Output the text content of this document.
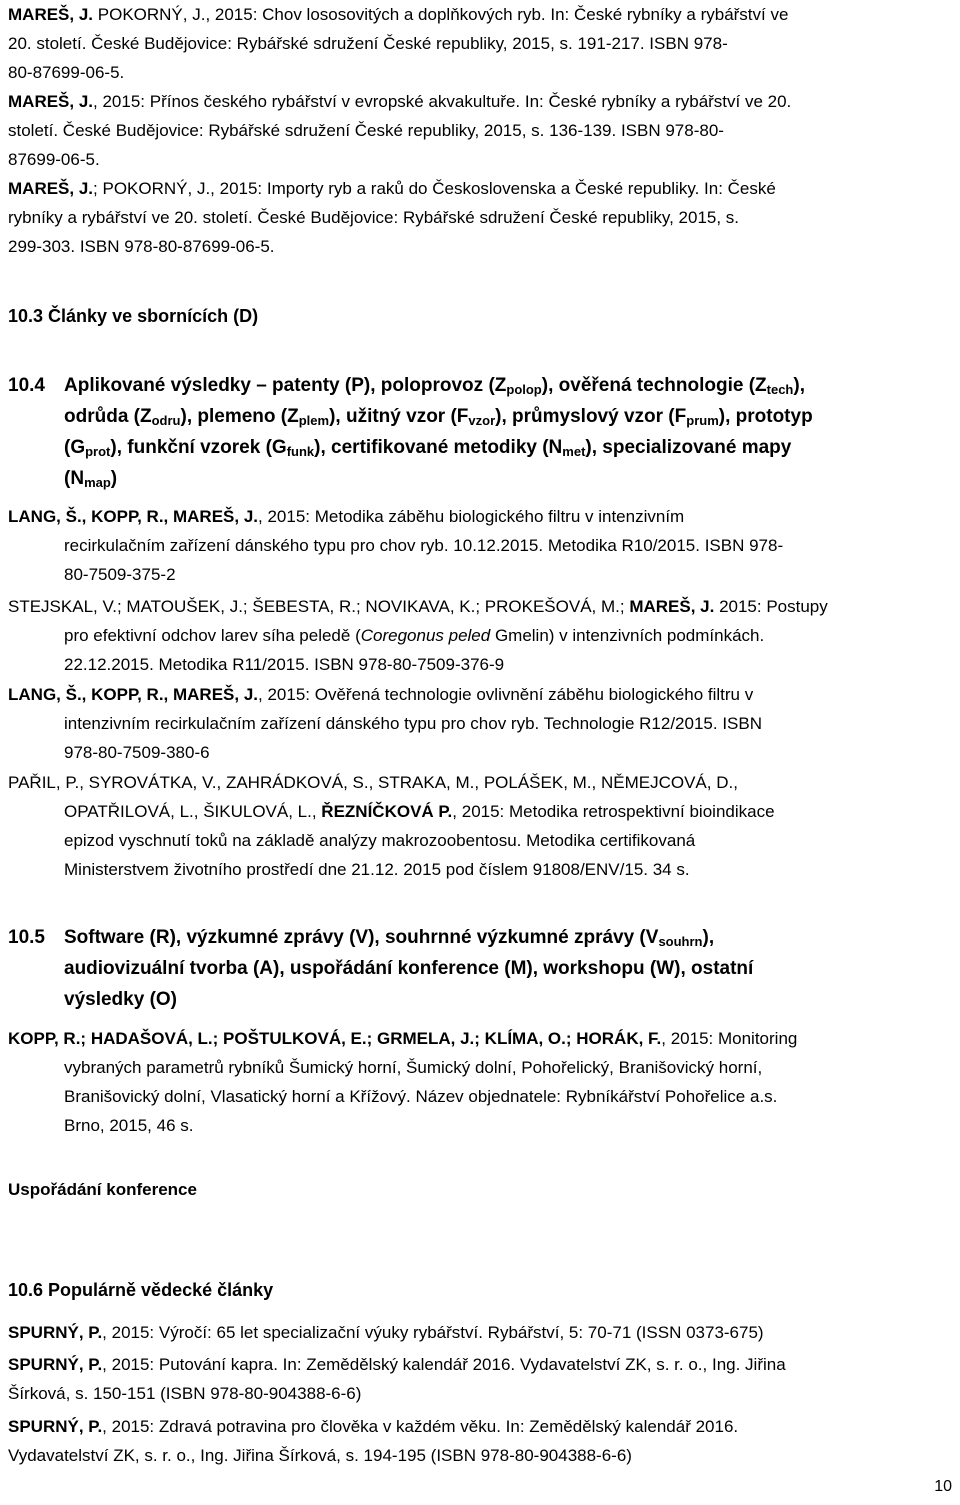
MAREŠ, J. POKORNÝ, J., 2015: Chov lososovitých a doplňkových ryb. In: České rybníky a rybářství ve
20. století. České Budějovice: Rybářské sdružení České republiky, 2015, s. 191-217. ISBN 978-
80-87699-06-5.
MAREŠ, J., 2015: Přínos českého rybářství v evropské akvakultuře. In: České rybníky a rybářství ve 20.
století. České Budějovice: Rybářské sdružení České republiky, 2015, s. 136-139. ISBN 978-80-
87699-06-5.
MAREŠ, J.; POKORNÝ, J., 2015: Importy ryb a raků do Československa a České republiky. In: České
rybníky a rybářství ve 20. století. České Budějovice: Rybářské sdružení České republiky, 2015, s.
299-303. ISBN 978-80-87699-06-5.
10.3 Články ve sbornících (D)
10.4 Aplikované výsledky – patenty (P), poloprovoz $(Z_{polop})$, ověřená technologie $(Z_{tech})$,
odrůda $(Z_{odru})$, plemeno $(Z_{plem})$, užitný vzor $(F_{vzor})$, průmyslový vzor $(F_{prum})$, prototyp
$(G_{prot})$, funkční vzorek $(G_{funk})$, certifikované metodiky $(N_{met})$, specializované mapy
$(N_{map})$
LANG, Š., KOPP, R., MAREŠ, J., 2015: Metodika záběhu biologického filtru v intenzivním
recirkulačním zařízení dánského typu pro chov ryb. 10.12.2015. Metodika R10/2015. ISBN 978-
80-7509-375-2
STEJSKAL, V.; MATOUŠEK, J.; ŠEBESTA, R.; NOVIKAVA, K.; PROKEŠOVÁ, M.; MAREŠ, J. 2015: Postupy
pro efektivní odchov larev síha peledě (Coregonus peled Gmelin) v intenzivních podmínkách.
22.12.2015. Metodika R11/2015. ISBN 978-80-7509-376-9
LANG, Š., KOPP, R., MAREŠ, J., 2015: Ověřená technologie ovlivnění záběhu biologického filtru v
intenzivním recirkulačním zařízení dánského typu pro chov ryb. Technologie R12/2015. ISBN
978-80-7509-380-6
PAŘIL, P., SYROVÁTKA, V., ZAHRÁDKOVÁ, S., STRAKA, M., POLÁŠEK, M., NĚMEJCOVÁ, D.,
OPATŘILOVÁ, L., ŠIKULOVÁ, L., ŘEZNÍČKOVÁ P., 2015: Metodika retrospektivní bioindikace
epizod vyschnutí toků na základě analýzy makrozoobentosu. Metodika certifikovaná
Ministerstvem životního prostředí dne 21.12. 2015 pod číslem 91808/ENV/15. 34 s.
10.5 Software (R), výzkumné zprávy (V), souhrnné výzkumné zprávy $(V_{souhrn})$,
audiovizuální tvorba (A), uspořádání konference (M), workshopu (W), ostatní
výsledky (O)
KOPP, R.; HADAŠOVÁ, L.; POŠTULKOVÁ, E.; GRMELA, J.; KLÍMA, O.; HORÁK, F., 2015: Monitoring
vybraných parametrů rybníků Šumický horní, Šumický dolní, Pohořelický, Branišovický horní,
Branišovický dolní, Vlasatický horní a Křížový. Název objednatele: Rybníkářství Pohořelice a.s.
Brno, 2015, 46 s.
Uspořádání konference
10.6 Populárně vědecké články
SPURNÝ, P., 2015: Výročí: 65 let specializační výuky rybářství. Rybářství, 5: 70-71 (ISSN 0373-675)
SPURNÝ, P., 2015: Putování kapra. In: Zemědělský kalendář 2016. Vydavatelství ZK, s. r. o., Ing. Jiřina
Šírková, s. 150-151 (ISBN 978-80-904388-6-6)
SPURNÝ, P., 2015: Zdravá potravina pro člověka v každém věku. In: Zemědělský kalendář 2016.
Vydavatelství ZK, s. r. o., Ing. Jiřina Šírková, s. 194-195 (ISBN 978-80-904388-6-6)
10
